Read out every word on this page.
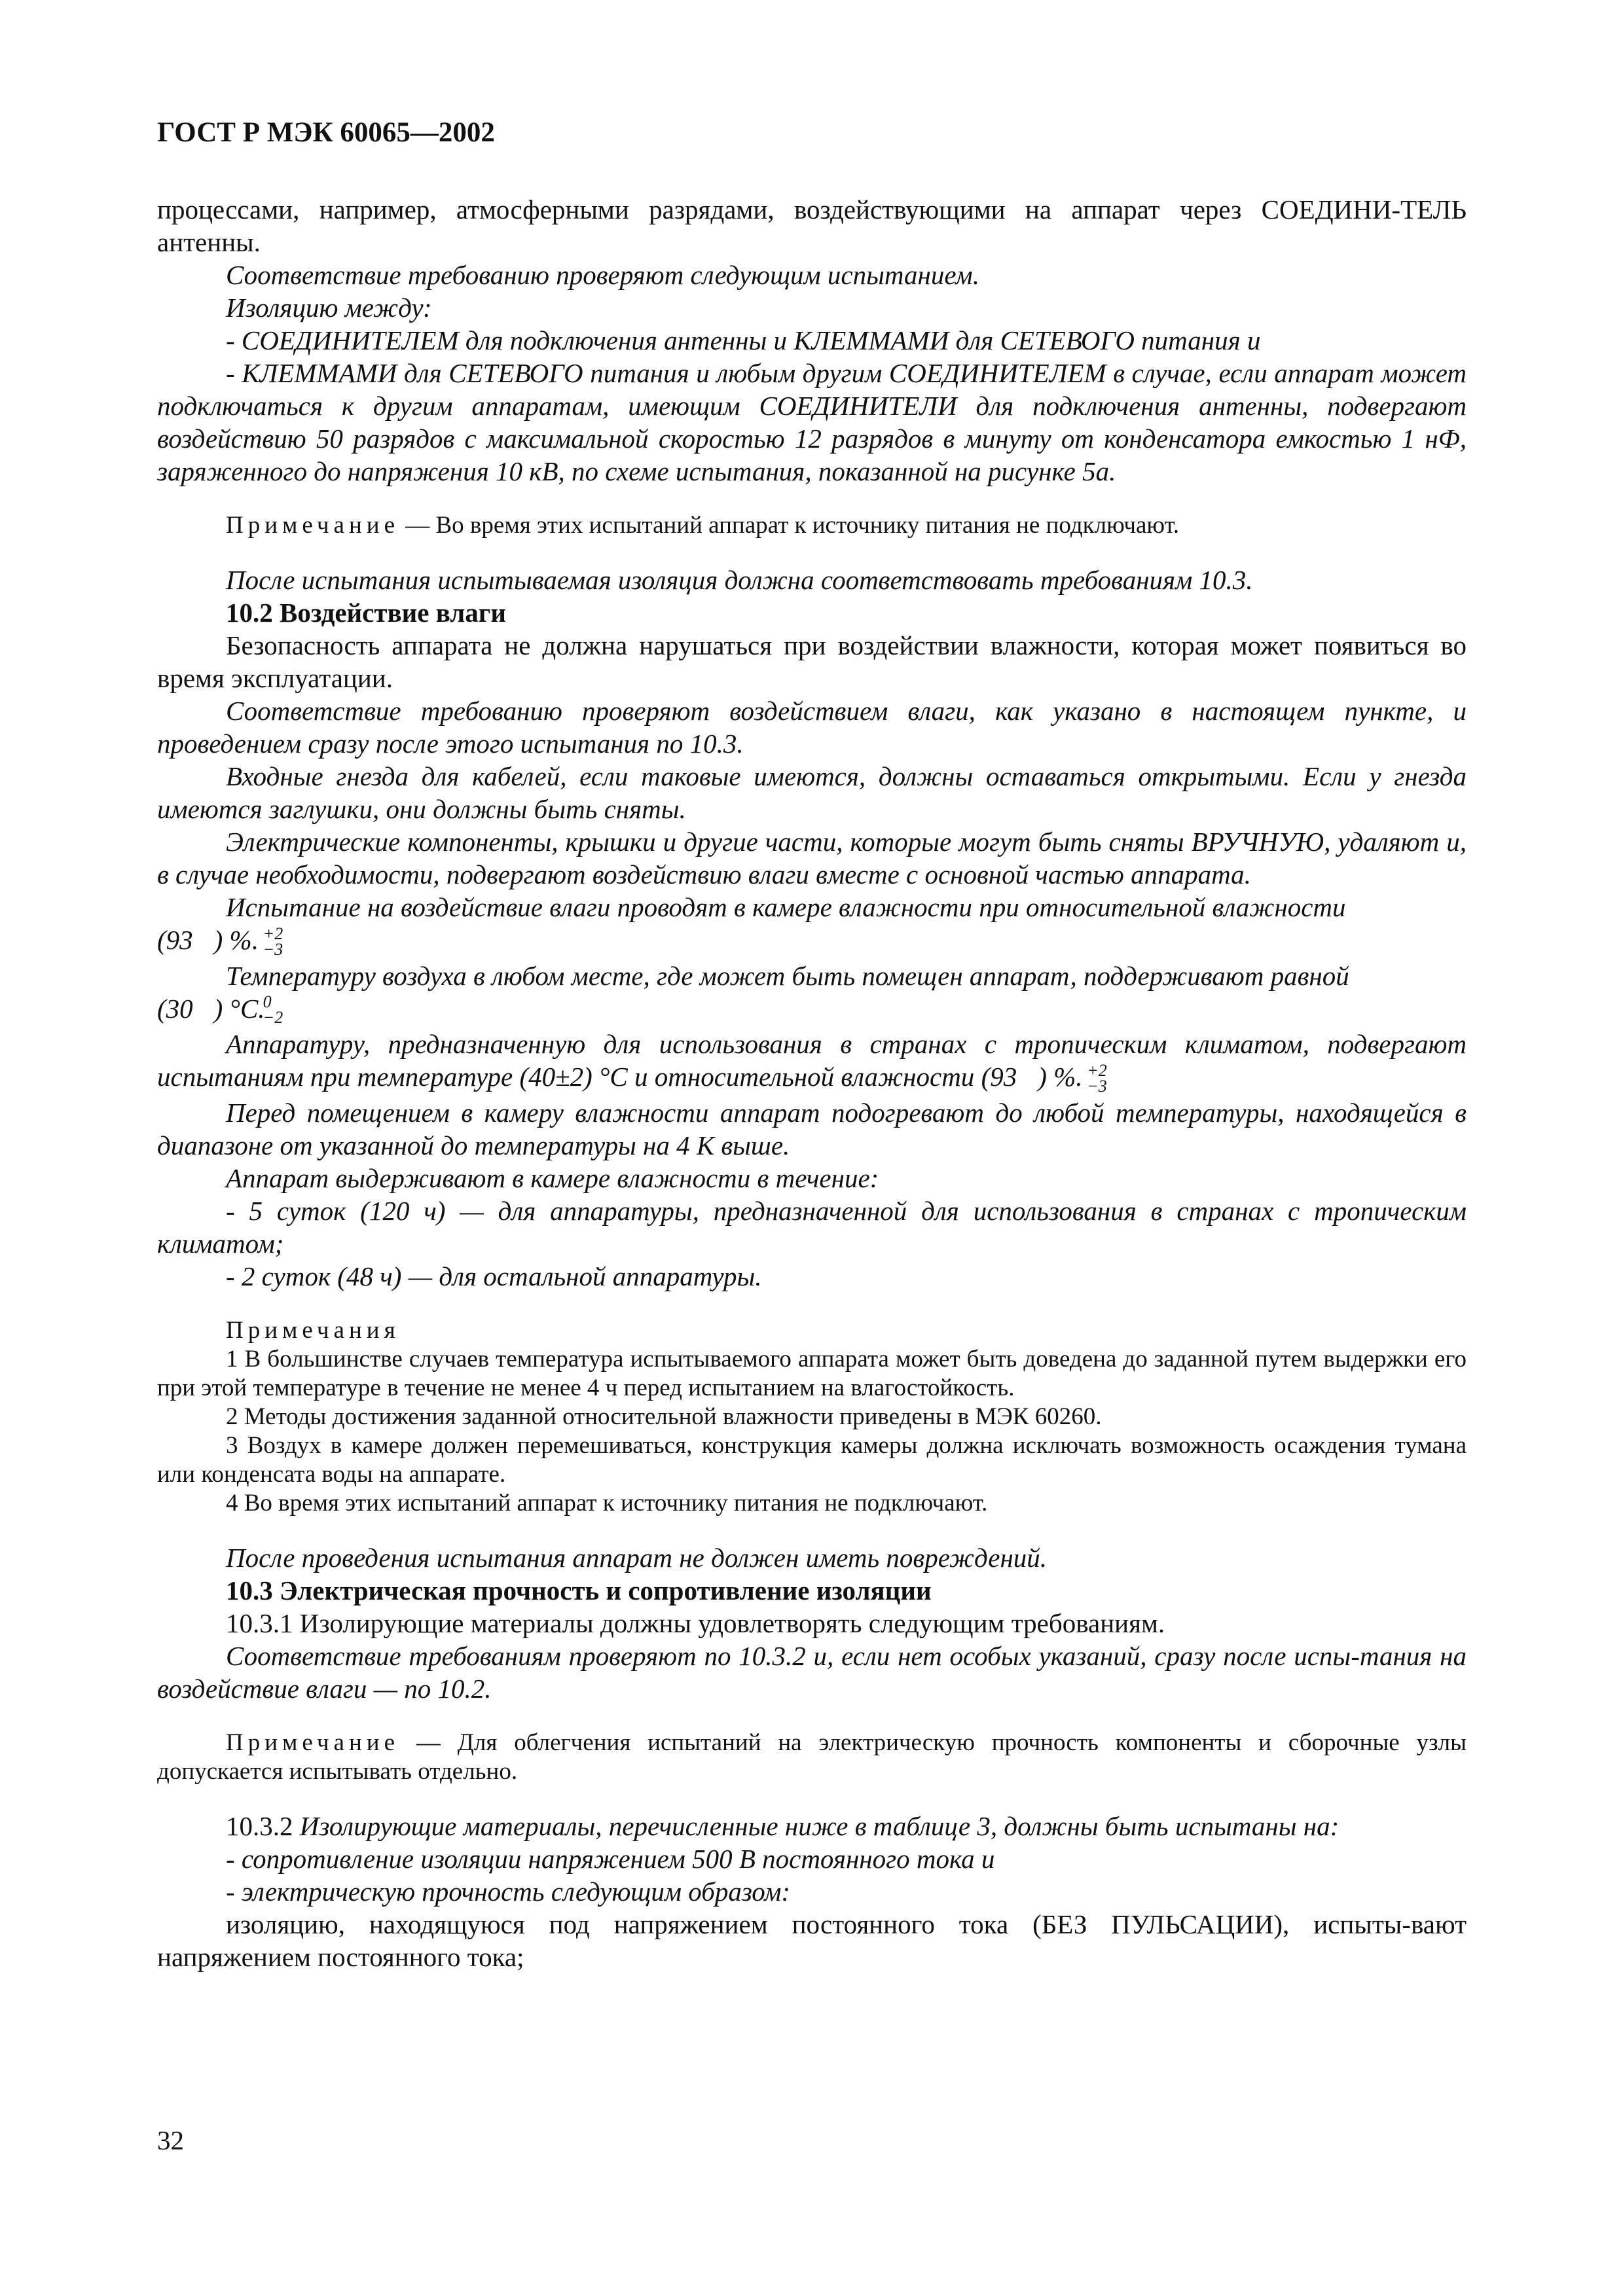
ГОСТ Р МЭК 60065—2002

процессами, например, атмосферными разрядами, воздействующими на аппарат через СОЕДИНИ-ТЕЛЬ антенны.

Соответствие требованию проверяют следующим испытанием.

Изоляцию между:

- СОЕДИНИТЕЛЕМ для подключения антенны и КЛЕММАМИ для СЕТЕВОГО питания и

- КЛЕММАМИ для СЕТЕВОГО питания и любым другим СОЕДИНИТЕЛЕМ в случае, если аппарат может подключаться к другим аппаратам, имеющим СОЕДИНИТЕЛИ для подключения антенны, подвергают воздействию 50 разрядов с максимальной скоростью 12 разрядов в минуту от конденсатора емкостью 1 нФ, заряженного до напряжения 10 кВ, по схеме испытания, показанной на рисунке 5а.

Примечание — Во время этих испытаний аппарат к источнику питания не подключают.

После испытания испытываемая изоляция должна соответствовать требованиям 10.3.

10.2 Воздействие влаги

Безопасность аппарата не должна нарушаться при воздействии влажности, которая может появиться во время эксплуатации.

Соответствие требованию проверяют воздействием влаги, как указано в настоящем пункте, и проведением сразу после этого испытания по 10.3.

Входные гнезда для кабелей, если таковые имеются, должны оставаться открытыми. Если у гнезда имеются заглушки, они должны быть сняты.

Электрические компоненты, крышки и другие части, которые могут быть сняты ВРУЧНУЮ, удаляют и, в случае необходимости, подвергают воздействию влаги вместе с основной частью аппарата.

Испытание на воздействие влаги проводят в камере влажности при относительной влажности
(93	+2
−3
) %.

Температуру воздуха в любом месте, где может быть помещен аппарат, поддерживают равной
(30	0
−2
) °С.

Аппаратуру, предназначенную для использования в странах с тропическим климатом, подвергают испытаниям при температуре (40±2) °С и относительной влажности (93	+2
−3
) %.

Перед помещением в камеру влажности аппарат подогревают до любой температуры, находящейся в диапазоне от указанной до температуры на 4 К выше.

Аппарат выдерживают в камере влажности в течение:

- 5 суток (120 ч) — для аппаратуры, предназначенной для использования в странах с тропическим климатом;

- 2 суток (48 ч) — для остальной аппаратуры.

Примечания

1 В большинстве случаев температура испытываемого аппарата может быть доведена до заданной путем выдержки его при этой температуре в течение не менее 4 ч перед испытанием на влагостойкость.

2 Методы достижения заданной относительной влажности приведены в МЭК 60260.

3 Воздух в камере должен перемешиваться, конструкция камеры должна исключать возможность осаждения тумана или конденсата воды на аппарате.

4 Во время этих испытаний аппарат к источнику питания не подключают.

После проведения испытания аппарат не должен иметь повреждений.

10.3 Электрическая прочность и сопротивление изоляции

10.3.1 Изолирующие материалы должны удовлетворять следующим требованиям.

Соответствие требованиям проверяют по 10.3.2 и, если нет особых указаний, сразу после испы-тания на воздействие влаги — по 10.2.

Примечание — Для облегчения испытаний на электрическую прочность компоненты и сборочные узлы допускается испытывать отдельно.

10.3.2 Изолирующие материалы, перечисленные ниже в таблице 3, должны быть испытаны на:

- сопротивление изоляции напряжением 500 В постоянного тока и

- электрическую прочность следующим образом:

изоляцию, находящуюся под напряжением постоянного тока (БЕЗ ПУЛЬСАЦИИ), испыты-вают напряжением постоянного тока;

32
